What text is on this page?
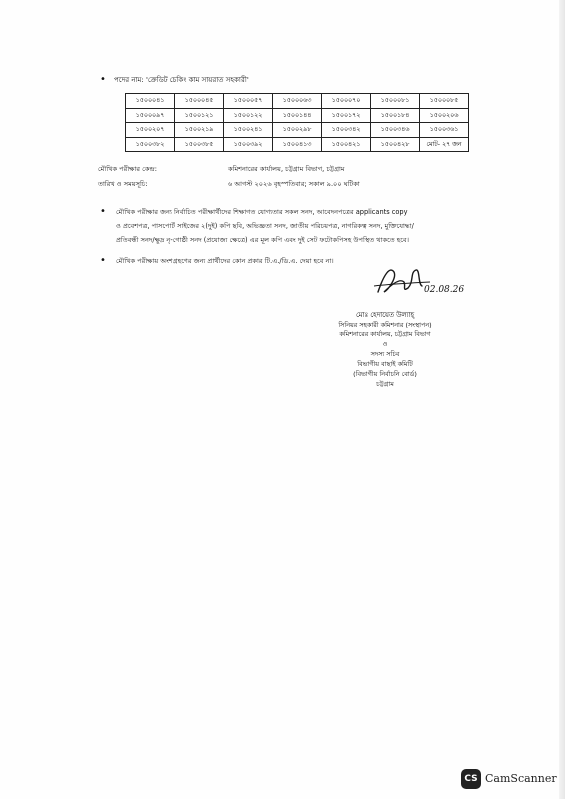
• পদের নাম: 'ক্রেডিট চেকিং কাম সায়রাত সহকারী'
১৫০০০৪১	১৫০০০৪৫	১৫০০০৫৭	১৫০০০৬৩	১৫০০০৭০	১৫০০০৮১	১৫০০০৮৫
১৫০০০৯৭	১৫০০১২১	১৫০০১২২	১৫০০১৪৪	১৫০০১৭২	১৫০০১৮৪	১৫০০২০৬
১৫০০২০৭	১৫০০২১৯	১৫০০২৪১	১৫০০২৯৮	১৫০০৩৪২	১৫০০৩৪৬	১৫০০৩৬১
১৫০০৩৮২	১৫০০৩৮৫	১৫০০৩৯২	১৫০০৪১৩	১৫০০৪২১	১৫০০৪২৮	মোট- ২৭ জন
মৌখিক পরীক্ষার কেন্দ্র:	কমিশনারের কার্যালয়, চট্টগ্রাম বিভাগ, চট্টগ্রাম
তারিখ ও সময়সূচি:	৬ আগস্ট ২০২৬ বৃহস্পতিবার; সকাল ৯.০০ ঘটিকা
• মৌখিক পরীক্ষার জন্য নির্বাচিত পরীক্ষার্থীদের শিক্ষাগত যোগ্যতার সকল সনদ, আবেদনপত্রের applicants copy
ও প্রবেশপত্র, পাসপোর্ট সাইজের ২(দুই) কপি ছবি, অভিজ্ঞতা সনদ, জাতীয় পরিচয়পত্র, নাগরিকত্ব সনদ, মুক্তিযোদ্ধা/
প্রতিবন্ধী সনদ/ক্ষুদ্র নৃ-গোষ্ঠী সনদ (প্রযোজ্য ক্ষেত্রে) এর মূল কপি এবং দুই সেট ফটোকপিসহ উপস্থিত থাকতে হবে।
• মৌখিক পরীক্ষায় অংশগ্রহণের জন্য প্রার্থীদের কোন প্রকার টি.এ./ডি.এ. দেয়া হবে না।
02.08.26
মোঃ হেদায়েত উল্যাহ্
সিনিয়র সহকারী কমিশনার (সংস্থাপন)
কমিশনারের কার্যালয়, চট্টগ্রাম বিভাগ
ও
সদস্য সচিব
বিভাগীয় বাছাই কমিটি
(বিভাগীয় নির্বাচনি বোর্ড)
চট্টগ্রাম
CS CamScanner
